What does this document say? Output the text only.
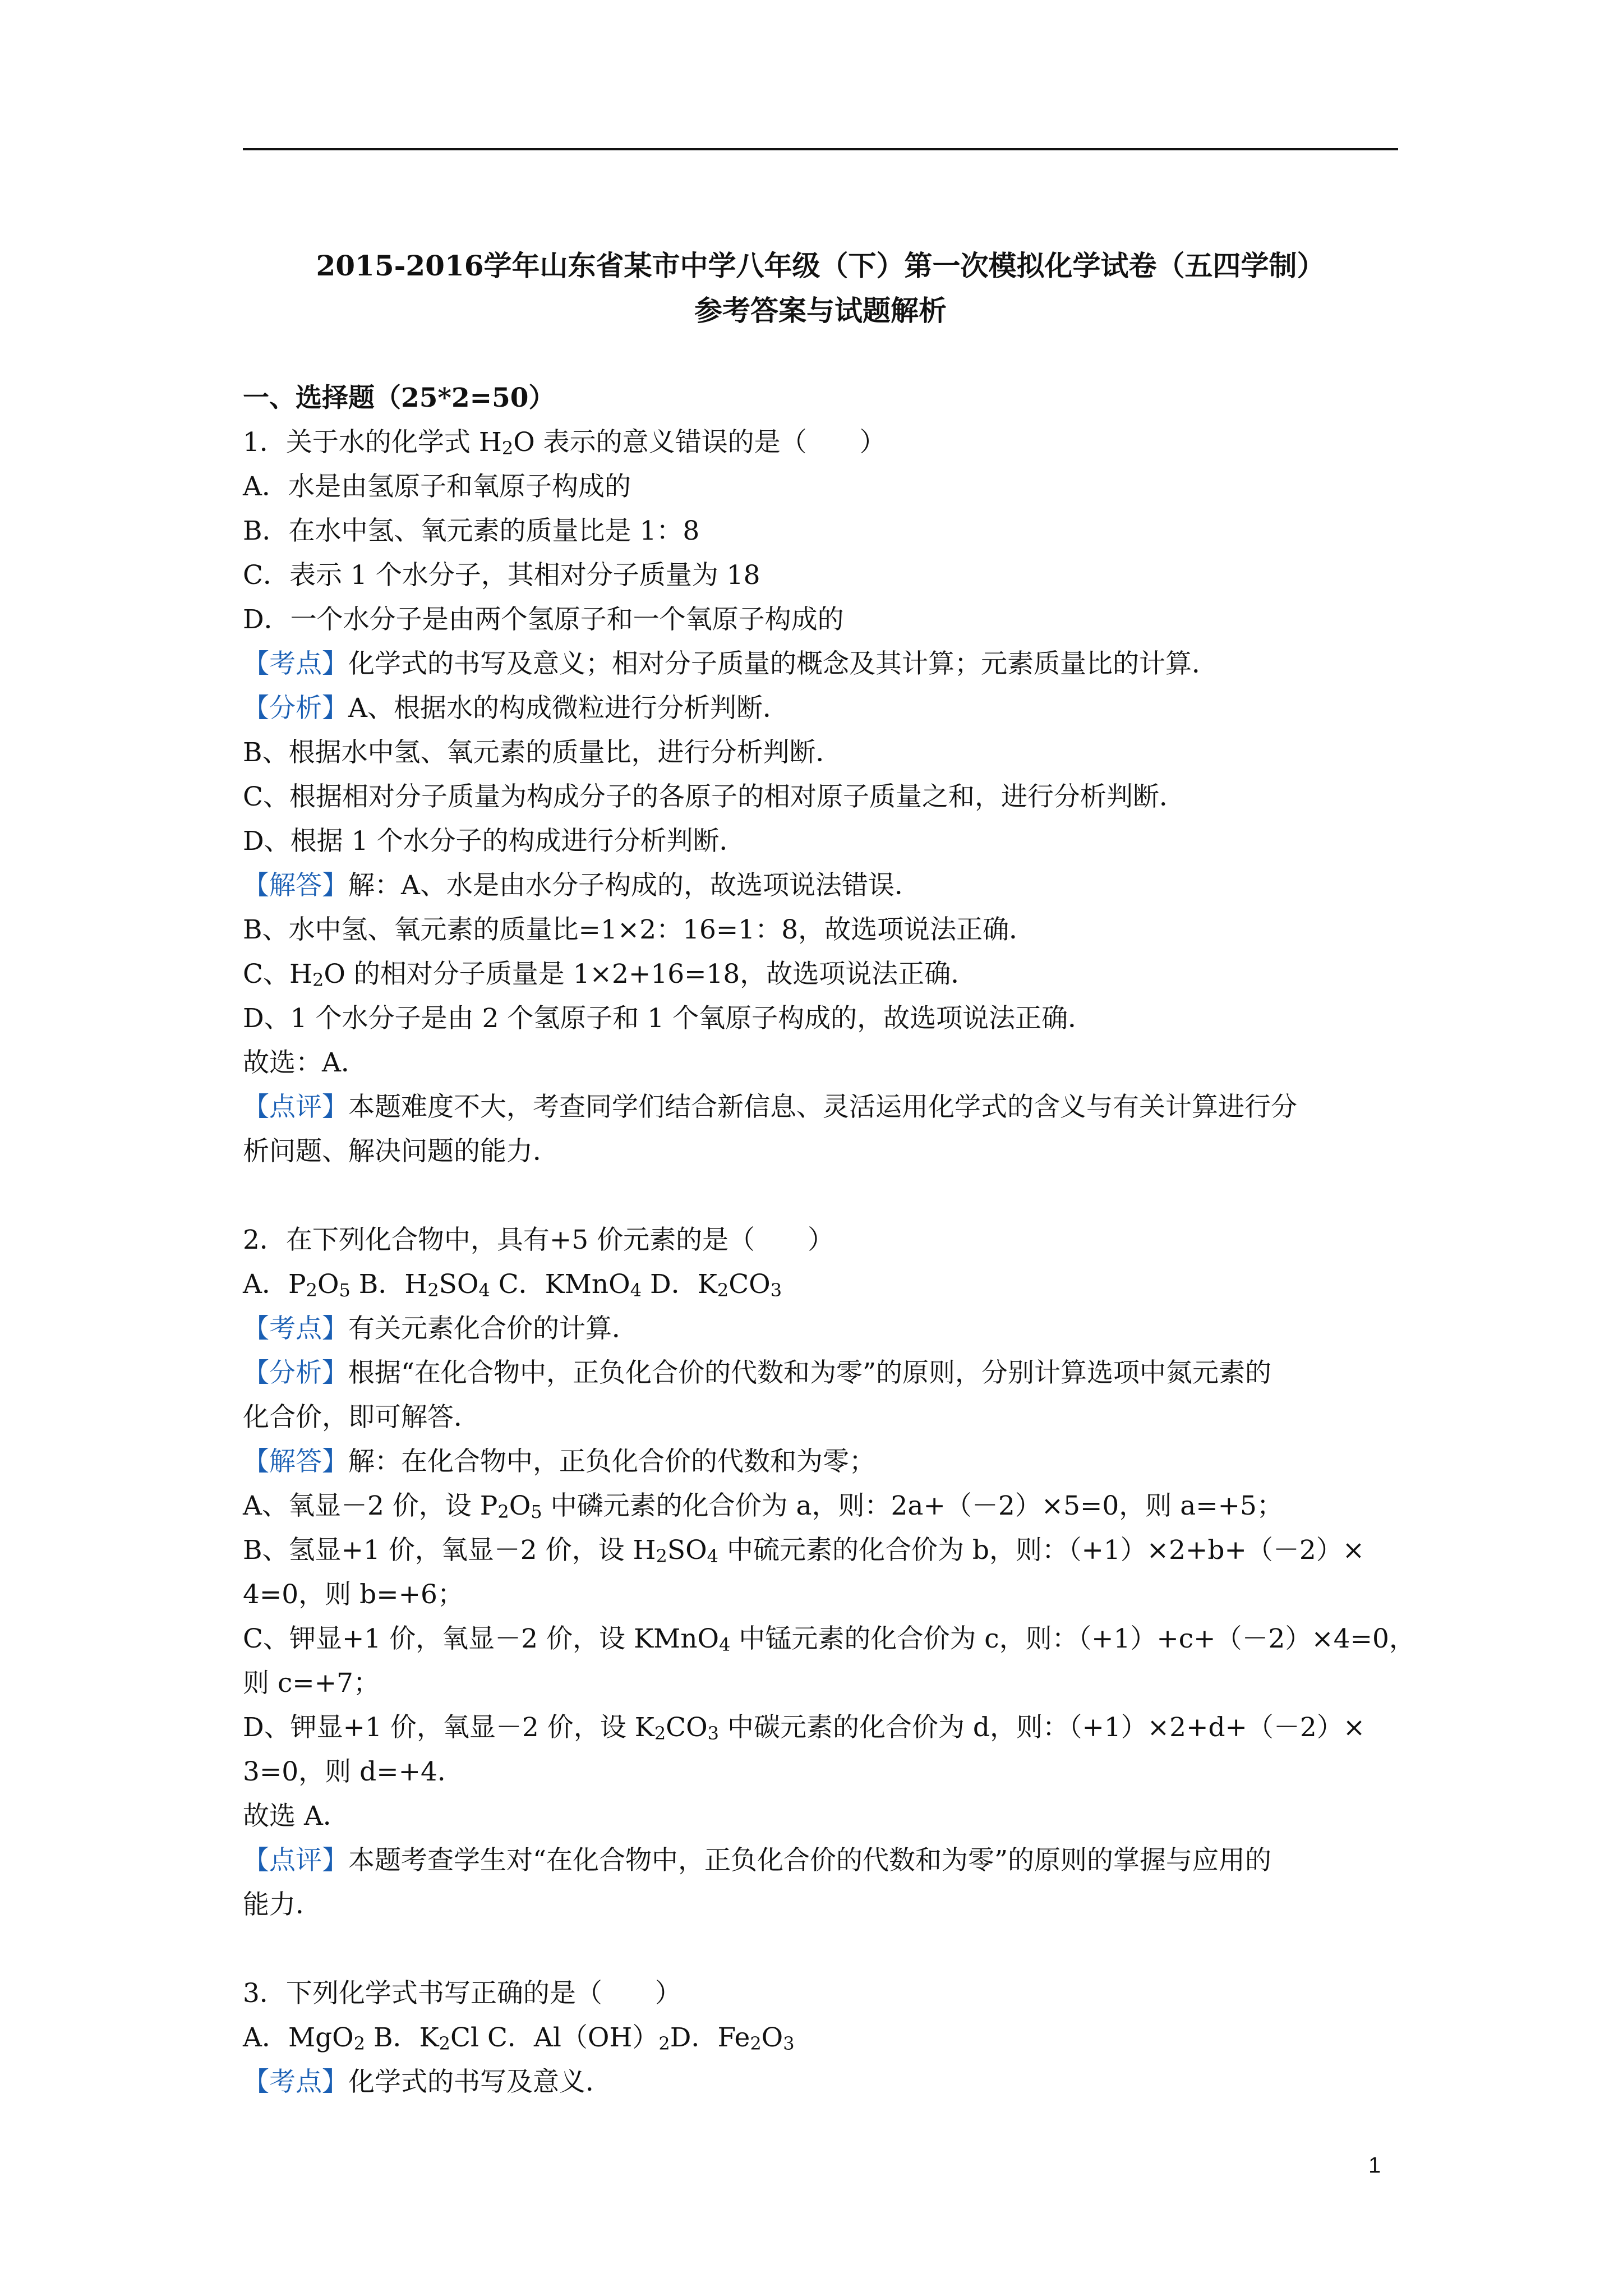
2015-2016学年山东省某市中学八年级（下）第一次模拟化学试卷（五四学制）
参考答案与试题解析
一、选择题（25*2=50）
1．关于水的化学式 $H_2O$ 表示的意义错误的是（　　）
A．水是由氢原子和氧原子构成的
B．在水中氢、氧元素的质量比是 1：8
C．表示 1 个水分子，其相对分子质量为 18
D．一个水分子是由两个氢原子和一个氧原子构成的
【考点】化学式的书写及意义；相对分子质量的概念及其计算；元素质量比的计算．
【分析】A、根据水的构成微粒进行分析判断．
B、根据水中氢、氧元素的质量比，进行分析判断．
C、根据相对分子质量为构成分子的各原子的相对原子质量之和，进行分析判断．
D、根据 1 个水分子的构成进行分析判断．
【解答】解：A、水是由水分子构成的，故选项说法错误．
B、水中氢、氧元素的质量比=1×2：16=1：8，故选项说法正确．
C、$H_2O$ 的相对分子质量是 1×2+16=18，故选项说法正确．
D、1 个水分子是由 2 个氢原子和 1 个氧原子构成的，故选项说法正确．
故选：A．
【点评】本题难度不大，考查同学们结合新信息、灵活运用化学式的含义与有关计算进行分
析问题、解决问题的能力．
2．在下列化合物中，具有+5 价元素的是（　　）
A．$P_2O_5$ B．$H_2SO_4$ C．KMnO$_4$ D．$K_2CO_3$
【考点】有关元素化合价的计算．
【分析】根据“在化合物中，正负化合价的代数和为零”的原则，分别计算选项中氮元素的
化合价，即可解答．
【解答】解：在化合物中，正负化合价的代数和为零；
A、氧显－2 价，设 $P_2O_5$ 中磷元素的化合价为 a，则：2a+（－2）×5=0，则 a=+5；
B、氢显+1 价，氧显－2 价，设 $H_2SO_4$ 中硫元素的化合价为 b，则：（+1）×2+b+（－2）×
4=0，则 b=+6；
C、钾显+1 价，氧显－2 价，设 KMnO$_4$ 中锰元素的化合价为 c，则：（+1）+c+（－2）×4=0，
则 c=+7；
D、钾显+1 价，氧显－2 价，设 $K_2CO_3$ 中碳元素的化合价为 d，则：（+1）×2+d+（－2）×
3=0，则 d=+4．
故选 A．
【点评】本题考查学生对“在化合物中，正负化合价的代数和为零”的原则的掌握与应用的
能力．
3．下列化学式书写正确的是（　　）
A．MgO$_2$ B．$K_2Cl$ C．$Al(OH)_2D$．$Fe_2O_3$
【考点】化学式的书写及意义．
1
